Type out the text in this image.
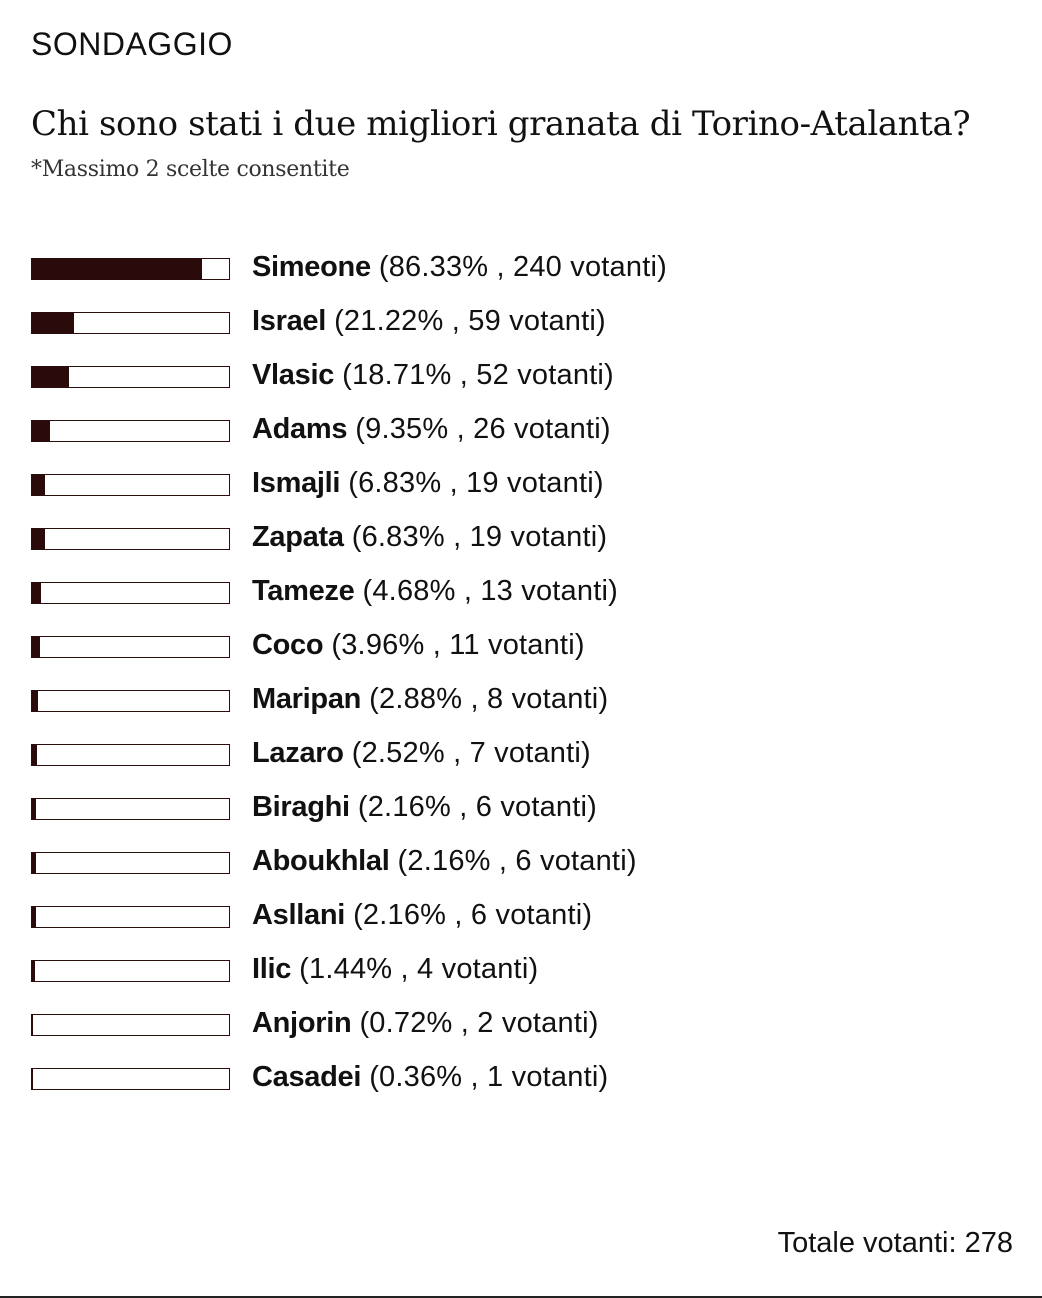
SONDAGGIO
Chi sono stati i due migliori granata di Torino-Atalanta?

*Massimo 2 scelte consentite

Simeone (86.33% , 240 votanti)
Israel (21.22% , 59 votanti)
Vlasic (18.71% , 52 votanti)
Adams (9.35% , 26 votanti)
Ismajli (6.83% , 19 votanti)
Zapata (6.83% , 19 votanti)
Tameze (4.68% , 13 votanti)
Coco (3.96% , 11 votanti)
Maripan (2.88% , 8 votanti)
Lazaro (2.52% , 7 votanti)
Biraghi (2.16% , 6 votanti)
Aboukhlal (2.16% , 6 votanti)
Asllani (2.16% , 6 votanti)
Ilic (1.44% , 4 votanti)
Anjorin (0.72% , 2 votanti)
Casadei (0.36% , 1 votanti)
Totale votanti: 278
